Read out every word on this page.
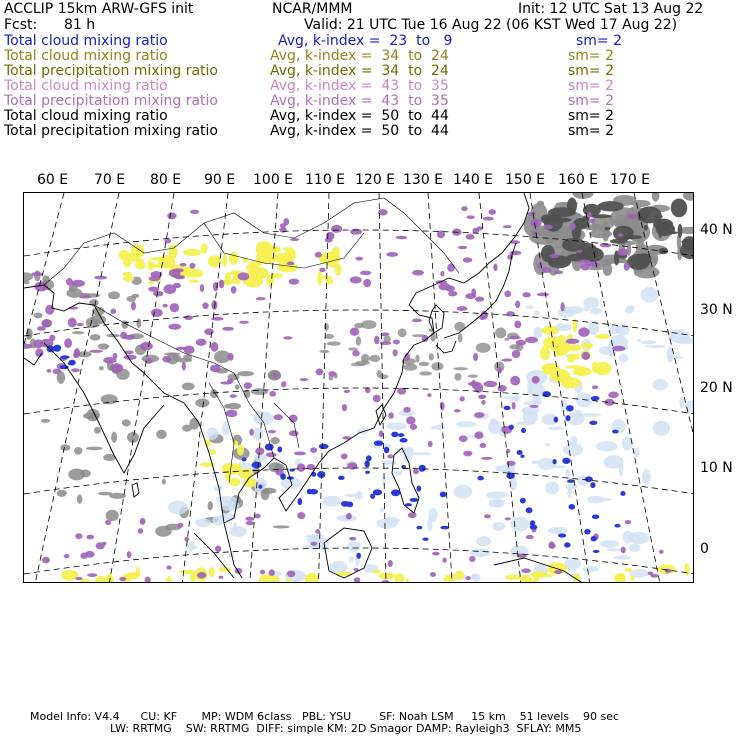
ACCLIP 15km ARW-GFS init	NCAR/MMM	Init: 12 UTC Sat 13 Aug 22
Fcst: 81 h	Valid: 21 UTC Tue 16 Aug 22 (06 KST Wed 17 Aug 22)
Total cloud mixing ratio	Avg, k-index =  23  to   9	sm= 2
Total cloud mixing ratio	Avg, k-index =  34  to  24	sm= 2
Total precipitation mixing ratio	Avg, k-index =  34  to  24	sm= 2
Total cloud mixing ratio	Avg, k-index =  43  to  35	sm= 2
Total precipitation mixing ratio	Avg, k-index =  43  to  35	sm= 2
Total cloud mixing ratio	Avg, k-index =  50  to  44	sm= 2
Total precipitation mixing ratio	Avg, k-index =  50  to  44	sm= 2
60 E 70 E 80 E 90 E 100 E 110 E 120 E 130 E 140 E 150 E 160 E 170 E
40 N
30 N
20 N
10 N
0
Model Info: V4.4      CU: KF       MP: WDM 6class   PBL: YSU        SF: Noah LSM     15 km    51 levels    90 sec
LW: RRTMG    SW: RRTMG  DIFF: simple KM: 2D Smagor DAMP: Rayleigh3  SFLAY: MM5
